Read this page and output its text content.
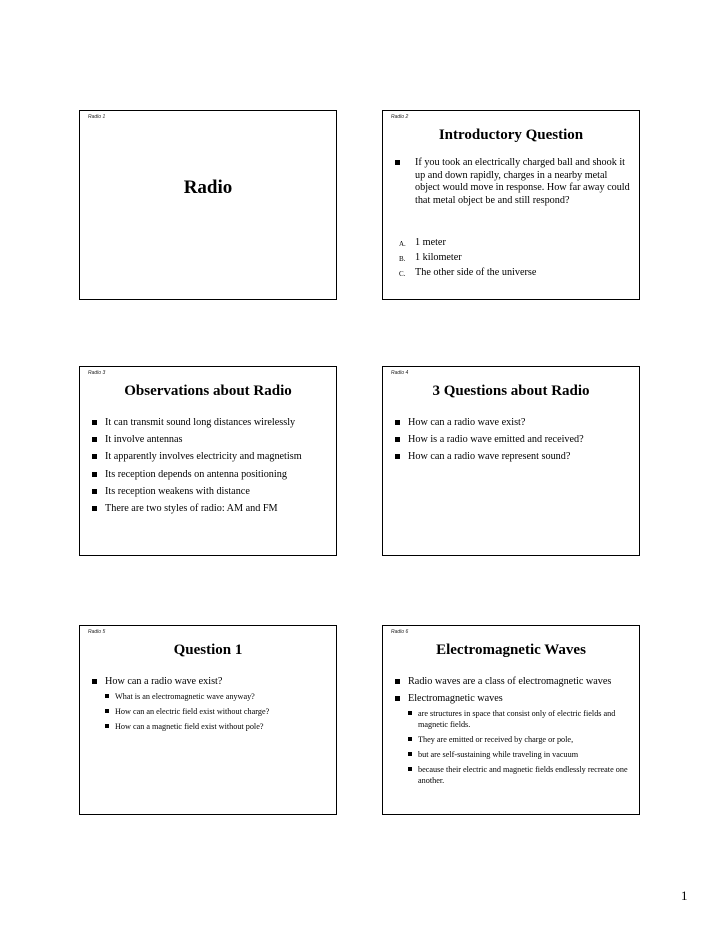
Radio 1
Radio
Radio 2
Introductory Question
If you took an electrically charged ball and shook it up and down rapidly, charges in a nearby metal object would move in response. How far away could that metal object be and still respond?
A. 1 meter
B. 1 kilometer
C. The other side of the universe
Radio 3
Observations about Radio
It can transmit sound long distances wirelessly
It involve antennas
It apparently involves electricity and magnetism
Its reception depends on antenna positioning
Its reception weakens with distance
There are two styles of radio: AM and FM
Radio 4
3 Questions about Radio
How can a radio wave exist?
How is a radio wave emitted and received?
How can a radio wave represent sound?
Radio 5
Question 1
How can a radio wave exist?
What is an electromagnetic wave anyway?
How can an electric field exist without charge?
How can a magnetic field exist without pole?
Radio 6
Electromagnetic Waves
Radio waves are a class of electromagnetic waves
Electromagnetic waves
are structures in space that consist only of electric fields and magnetic fields.
They are emitted or received by charge or pole,
but are self-sustaining while traveling in vacuum
because their electric and magnetic fields endlessly recreate one another.
1
